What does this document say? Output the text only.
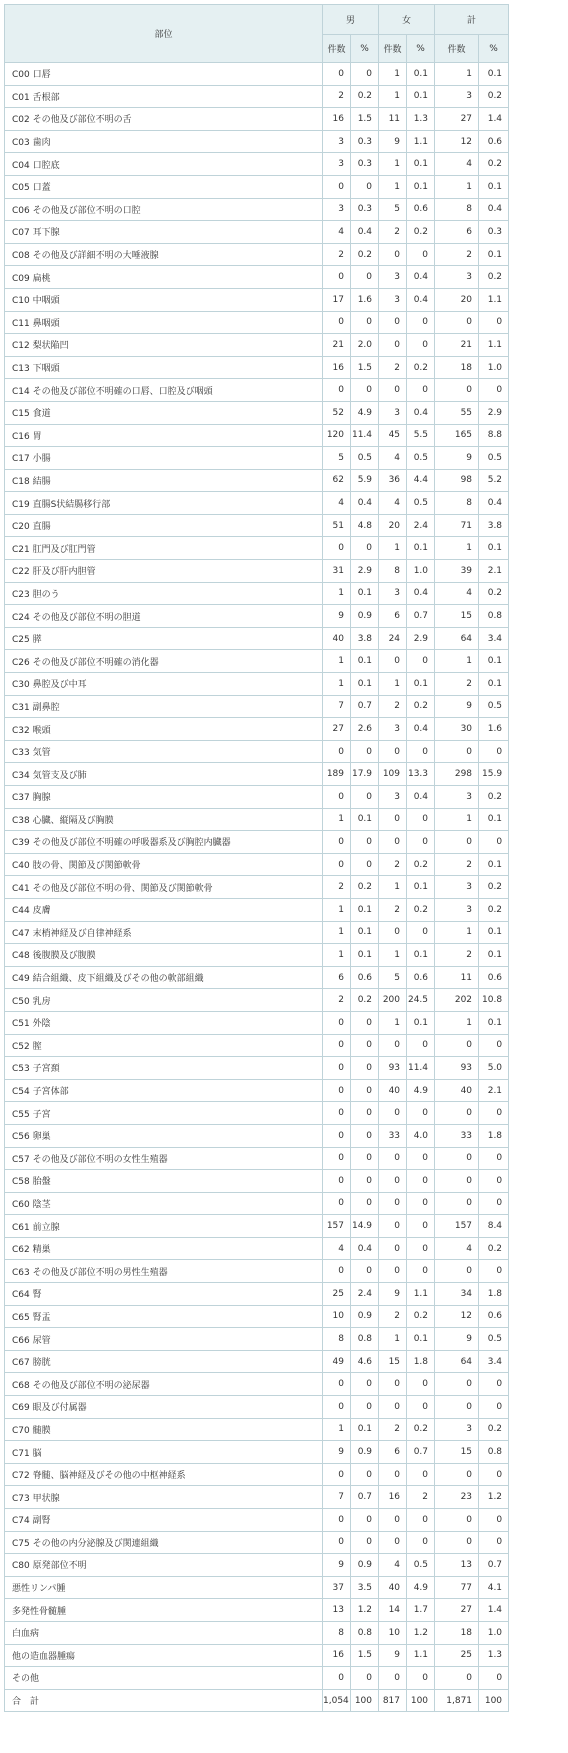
部位	男		女		計	
	件数	%	件数	%	件数	%
C00 口唇	0	0	1	0.1	1	0.1
C01 舌根部	2	0.2	1	0.1	3	0.2
C02 その他及び部位不明の舌	16	1.5	11	1.3	27	1.4
C03 歯肉	3	0.3	9	1.1	12	0.6
C04 口腔底	3	0.3	1	0.1	4	0.2
C05 口蓋	0	0	1	0.1	1	0.1
C06 その他及び部位不明の口腔	3	0.3	5	0.6	8	0.4
C07 耳下腺	4	0.4	2	0.2	6	0.3
C08 その他及び詳細不明の大唾液腺	2	0.2	0	0	2	0.1
C09 扁桃	0	0	3	0.4	3	0.2
C10 中咽頭	17	1.6	3	0.4	20	1.1
C11 鼻咽頭	0	0	0	0	0	0
C12 梨状陥凹	21	2.0	0	0	21	1.1
C13 下咽頭	16	1.5	2	0.2	18	1.0
C14 その他及び部位不明確の口唇、口腔及び咽頭	0	0	0	0	0	0
C15 食道	52	4.9	3	0.4	55	2.9
C16 胃	120	11.4	45	5.5	165	8.8
C17 小腸	5	0.5	4	0.5	9	0.5
C18 結腸	62	5.9	36	4.4	98	5.2
C19 直腸S状結腸移行部	4	0.4	4	0.5	8	0.4
C20 直腸	51	4.8	20	2.4	71	3.8
C21 肛門及び肛門管	0	0	1	0.1	1	0.1
C22 肝及び肝内胆管	31	2.9	8	1.0	39	2.1
C23 胆のう	1	0.1	3	0.4	4	0.2
C24 その他及び部位不明の胆道	9	0.9	6	0.7	15	0.8
C25 膵	40	3.8	24	2.9	64	3.4
C26 その他及び部位不明確の消化器	1	0.1	0	0	1	0.1
C30 鼻腔及び中耳	1	0.1	1	0.1	2	0.1
C31 副鼻腔	7	0.7	2	0.2	9	0.5
C32 喉頭	27	2.6	3	0.4	30	1.6
C33 気管	0	0	0	0	0	0
C34 気管支及び肺	189	17.9	109	13.3	298	15.9
C37 胸腺	0	0	3	0.4	3	0.2
C38 心臓、縦隔及び胸膜	1	0.1	0	0	1	0.1
C39 その他及び部位不明確の呼吸器系及び胸腔内臓器	0	0	0	0	0	0
C40 肢の骨、関節及び関節軟骨	0	0	2	0.2	2	0.1
C41 その他及び部位不明の骨、関節及び関節軟骨	2	0.2	1	0.1	3	0.2
C44 皮膚	1	0.1	2	0.2	3	0.2
C47 末梢神経及び自律神経系	1	0.1	0	0	1	0.1
C48 後腹膜及び腹膜	1	0.1	1	0.1	2	0.1
C49 結合組織、皮下組織及びその他の軟部組織	6	0.6	5	0.6	11	0.6
C50 乳房	2	0.2	200	24.5	202	10.8
C51 外陰	0	0	1	0.1	1	0.1
C52 膣	0	0	0	0	0	0
C53 子宮頚	0	0	93	11.4	93	5.0
C54 子宮体部	0	0	40	4.9	40	2.1
C55 子宮	0	0	0	0	0	0
C56 卵巣	0	0	33	4.0	33	1.8
C57 その他及び部位不明の女性生殖器	0	0	0	0	0	0
C58 胎盤	0	0	0	0	0	0
C60 陰茎	0	0	0	0	0	0
C61 前立腺	157	14.9	0	0	157	8.4
C62 精巣	4	0.4	0	0	4	0.2
C63 その他及び部位不明の男性生殖器	0	0	0	0	0	0
C64 腎	25	2.4	9	1.1	34	1.8
C65 腎盂	10	0.9	2	0.2	12	0.6
C66 尿管	8	0.8	1	0.1	9	0.5
C67 膀胱	49	4.6	15	1.8	64	3.4
C68 その他及び部位不明の泌尿器	0	0	0	0	0	0
C69 眼及び付属器	0	0	0	0	0	0
C70 髄膜	1	0.1	2	0.2	3	0.2
C71 脳	9	0.9	6	0.7	15	0.8
C72 脊髄、脳神経及びその他の中枢神経系	0	0	0	0	0	0
C73 甲状腺	7	0.7	16	2	23	1.2
C74 副腎	0	0	0	0	0	0
C75 その他の内分泌腺及び関連組織	0	0	0	0	0	0
C80 原発部位不明	9	0.9	4	0.5	13	0.7
悪性リンパ腫	37	3.5	40	4.9	77	4.1
多発性骨髄腫	13	1.2	14	1.7	27	1.4
白血病	8	0.8	10	1.2	18	1.0
他の造血器腫瘍	16	1.5	9	1.1	25	1.3
その他	0	0	0	0	0	0
合　計	1,054	100	817	100	1,871	100
